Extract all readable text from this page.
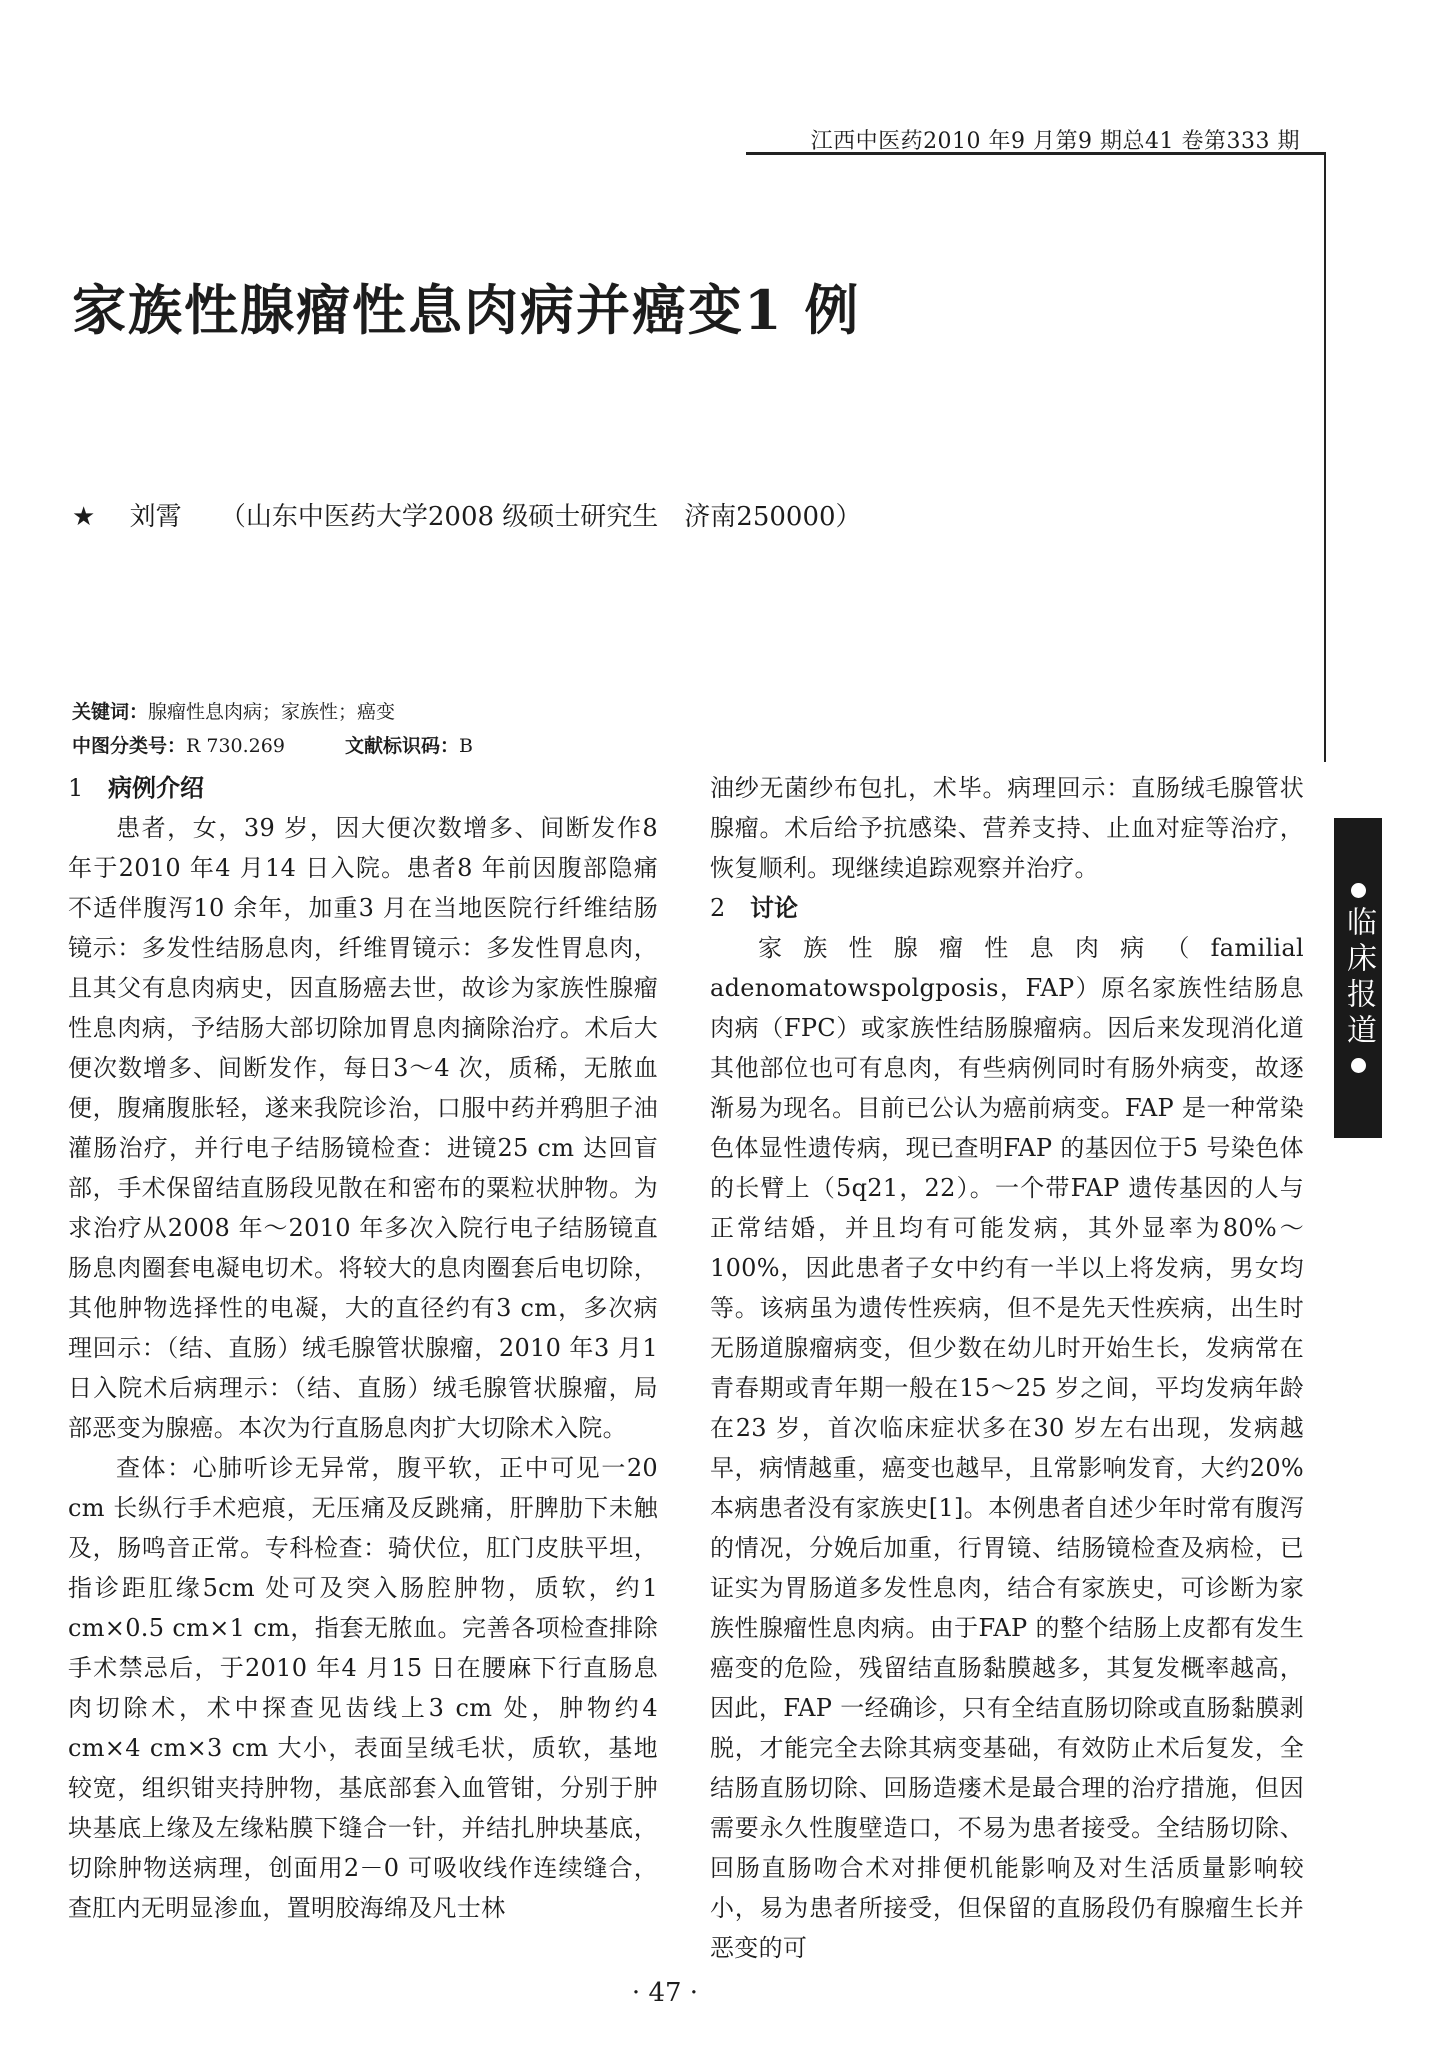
江西中医药2010 年9 月第9 期总41 卷第333 期
家族性腺瘤性息肉病并癌变1 例
★ 刘霄 （山东中医药大学2008 级硕士研究生　济南250000）
关键词：腺瘤性息肉病；家族性；癌变
中图分类号：R 730.269	文献标识码：B
1 病例介绍

患者，女，39 岁，因大便次数增多、间断发作8 年于2010 年4 月14 日入院。患者8 年前因腹部隐痛不适伴腹泻10 余年，加重3 月在当地医院行纤维结肠镜示：多发性结肠息肉，纤维胃镜示：多发性胃息肉，且其父有息肉病史，因直肠癌去世，故诊为家族性腺瘤性息肉病，予结肠大部切除加胃息肉摘除治疗。术后大便次数增多、间断发作，每日3～4 次，质稀，无脓血便，腹痛腹胀轻，遂来我院诊治，口服中药并鸦胆子油灌肠治疗，并行电子结肠镜检查：进镜25 cm 达回盲部，手术保留结直肠段见散在和密布的粟粒状肿物。为求治疗从2008 年～2010 年多次入院行电子结肠镜直肠息肉圈套电凝电切术。将较大的息肉圈套后电切除，其他肿物选择性的电凝，大的直径约有3 cm，多次病理回示：（结、直肠）绒毛腺管状腺瘤，2010 年3 月1 日入院术后病理示：（结、直肠）绒毛腺管状腺瘤，局部恶变为腺癌。本次为行直肠息肉扩大切除术入院。

查体：心肺听诊无异常，腹平软，正中可见一20 cm 长纵行手术疤痕，无压痛及反跳痛，肝脾肋下未触及，肠鸣音正常。专科检查：骑伏位，肛门皮肤平坦，指诊距肛缘5cm 处可及突入肠腔肿物，质软，约1 cm×0.5 cm×1 cm，指套无脓血。完善各项检查排除手术禁忌后，于2010 年4 月15 日在腰麻下行直肠息肉切除术，术中探查见齿线上3 cm 处，肿物约4 cm×4 cm×3 cm 大小，表面呈绒毛状，质软，基地较宽，组织钳夹持肿物，基底部套入血管钳，分别于肿块基底上缘及左缘粘膜下缝合一针，并结扎肿块基底，切除肿物送病理，创面用2－0 可吸收线作连续缝合，查肛内无明显渗血，置明胶海绵及凡士林

油纱无菌纱布包扎，术毕。病理回示：直肠绒毛腺管状腺瘤。术后给予抗感染、营养支持、止血对症等治疗，恢复顺利。现继续追踪观察并治疗。

2 讨论

家族性腺瘤性息肉病（familial adenomatowspolgposis，FAP）原名家族性结肠息肉病（FPC）或家族性结肠腺瘤病。因后来发现消化道其他部位也可有息肉，有些病例同时有肠外病变，故逐渐易为现名。目前已公认为癌前病变。FAP 是一种常染色体显性遗传病，现已查明FAP 的基因位于5 号染色体的长臂上（5q21，22）。一个带FAP 遗传基因的人与正常结婚，并且均有可能发病，其外显率为80%～100%，因此患者子女中约有一半以上将发病，男女均等。该病虽为遗传性疾病，但不是先天性疾病，出生时无肠道腺瘤病变，但少数在幼儿时开始生长，发病常在青春期或青年期一般在15～25 岁之间，平均发病年龄在23 岁，首次临床症状多在30 岁左右出现，发病越早，病情越重，癌变也越早，且常影响发育，大约20%本病患者没有家族史[1]。本例患者自述少年时常有腹泻的情况，分娩后加重，行胃镜、结肠镜检查及病检，已证实为胃肠道多发性息肉，结合有家族史，可诊断为家族性腺瘤性息肉病。由于FAP 的整个结肠上皮都有发生癌变的危险，残留结直肠黏膜越多，其复发概率越高，因此，FAP 一经确诊，只有全结直肠切除或直肠黏膜剥脱，才能完全去除其病变基础，有效防止术后复发，全结肠直肠切除、回肠造瘘术是最合理的治疗措施，但因需要永久性腹壁造口，不易为患者接受。全结肠切除、回肠直肠吻合术对排便机能影响及对生活质量影响较小，易为患者所接受，但保留的直肠段仍有腺瘤生长并恶变的可

临床报道
· 47 ·
